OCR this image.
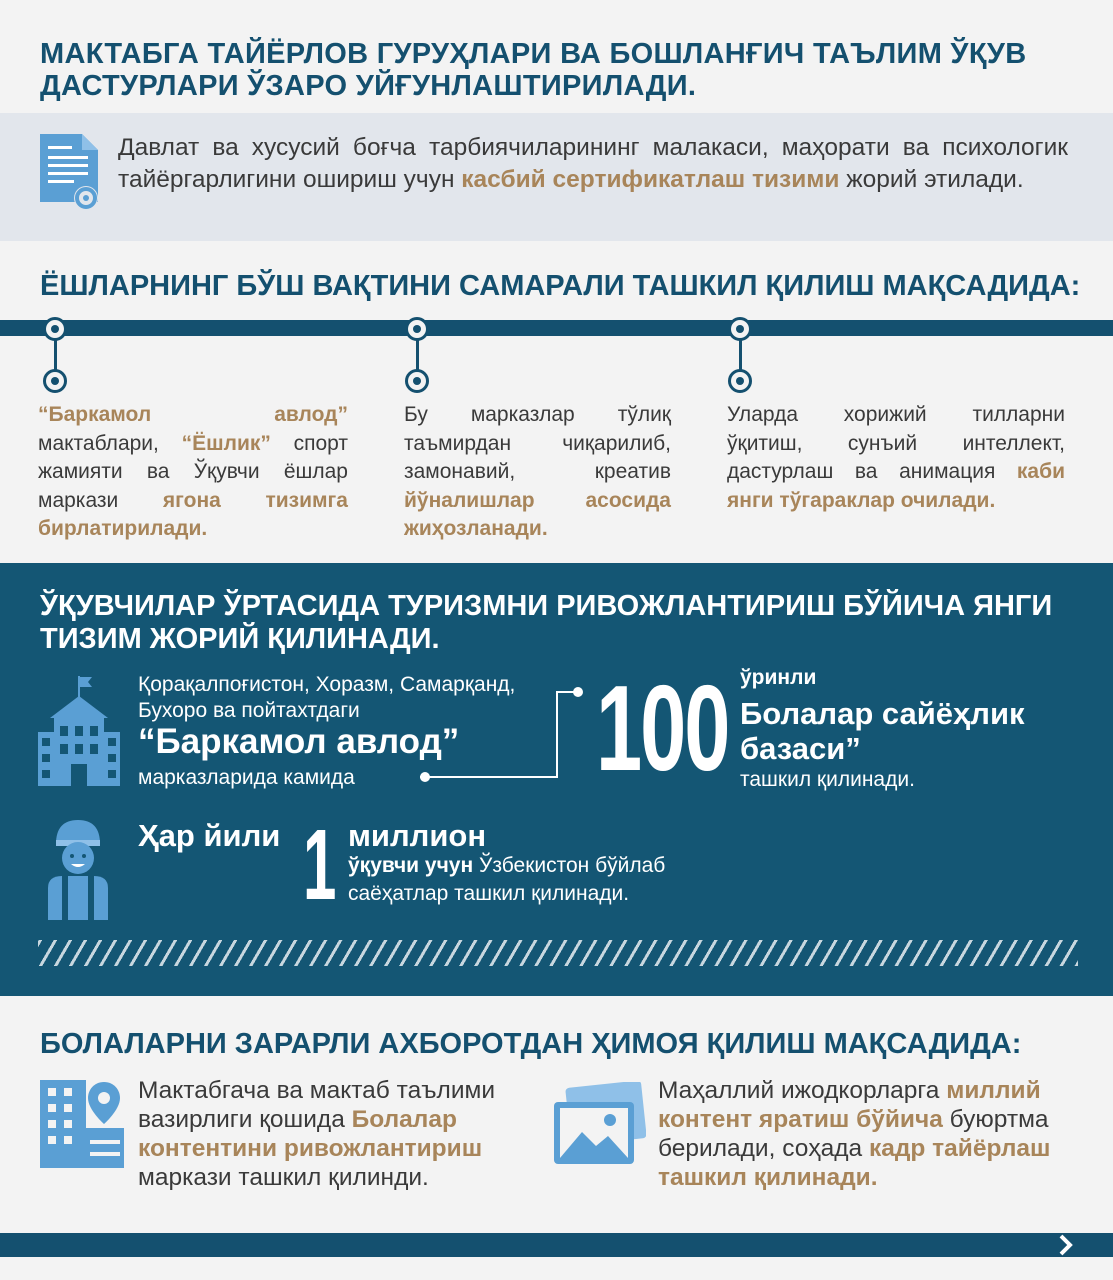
МАКТАБГА ТАЙЁРЛОВ ГУРУҲЛАРИ ВА БОШЛАНҒИЧ ТАЪЛИМ ЎҚУВ ДАСТУРЛАРИ ЎЗАРО УЙҒУНЛАШТИРИЛАДИ.
Давлат ва хусусий боғча тарбиячиларининг малакаси, маҳорати ва психологик тайёргарлигини ошириш учун касбий сертификатлаш тизими жорий этилади.
ЁШЛАРНИНГ БЎШ ВАҚТИНИ САМАРАЛИ ТАШКИЛ ҚИЛИШ МАҚСАДИДА:
“Баркамол авлод” мактаблари, “Ёшлик” спорт жамияти ва Ўқувчи ёшлар маркази ягона тизимга бирлатирилади.
Бу марказлар тўлиқ таъмирдан чиқарилиб, замонавий, креатив йўналишлар асосида жиҳозланади.
Уларда хорижий тилларни ўқитиш, сунъий интеллект, дастурлаш ва анимация каби янги тўгараклар очилади.
ЎҚУВЧИЛАР ЎРТАСИДА ТУРИЗМНИ РИВОЖЛАНТИРИШ БЎЙИЧА ЯНГИ ТИЗИМ ЖОРИЙ ҚИЛИНАДИ.
Қорақалпоғистон, Хоразм, Самарқанд, Бухоро ва пойтахтдаги
“Баркамол авлод”
марказларида камида 100 ўринли
Болалар сайёҳлик базаси”
ташкил қилинади.
Ҳар йили 1 миллион
ўқувчи учун Ўзбекистон бўйлаб
саёҳатлар ташкил қилинади.
БОЛАЛАРНИ ЗАРАРЛИ АХБОРОТДАН ҲИМОЯ ҚИЛИШ МАҚСАДИДА:
Мактабгача ва мактаб таълими вазирлиги қошида Болалар контентини ривожлантириш маркази ташкил қилинди.
Маҳаллий ижодкорларга миллий контент яратиш бўйича буюртма берилади, соҳада кадр тайёрлаш ташкил қилинади.
